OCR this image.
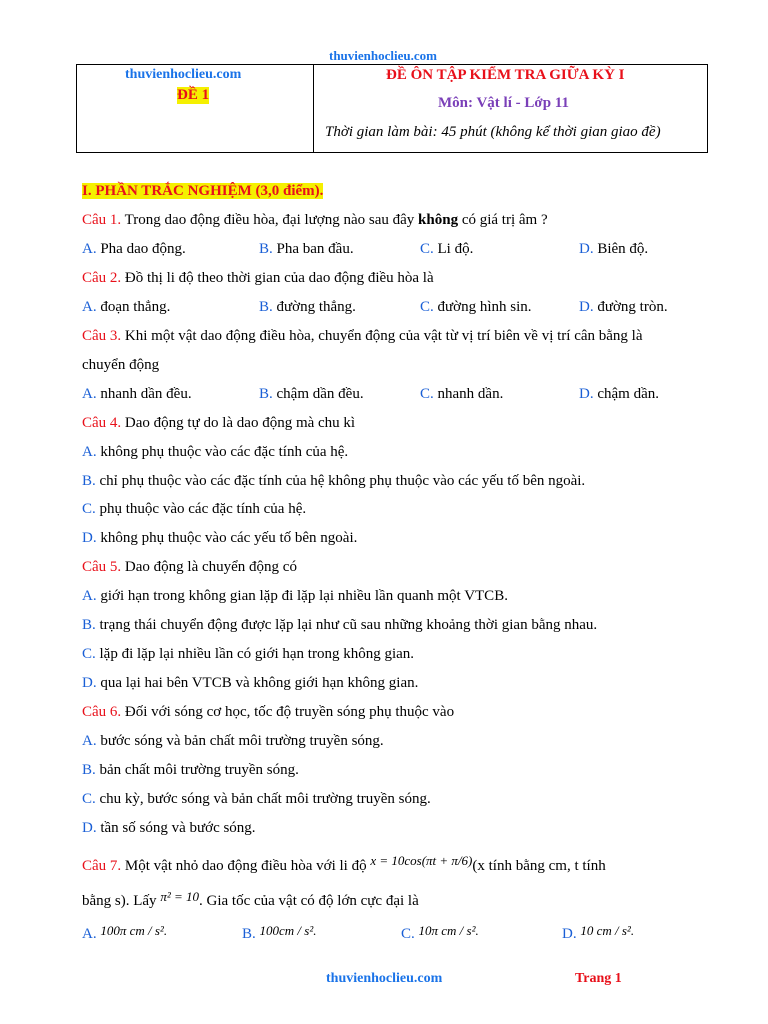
thuvienhoclieu.com
thuvienhoclieu.com
ĐỀ 1
ĐỀ ÔN TẬP KIỂM TRA GIỮA KỲ I
Môn: Vật lí - Lớp 11
Thời gian làm bài: 45 phút (không kể thời gian giao đề)
I. PHẦN TRẮC NGHIỆM (3,0 điểm).
Câu 1. Trong dao động điều hòa, đại lượng nào sau đây không có giá trị âm ?
A. Pha dao động.	B. Pha ban đầu.	C. Li độ.	D. Biên độ.
Câu 2. Đồ thị li độ theo thời gian của dao động điều hòa là
A. đoạn thẳng.	B. đường thẳng.	C. đường hình sin.	D. đường tròn.
Câu 3. Khi một vật dao động điều hòa, chuyển động của vật từ vị trí biên về vị trí cân bằng là
chuyển động
A. nhanh dần đều.	B. chậm dần đều.	C. nhanh dần.	D. chậm dần.
Câu 4. Dao động tự do là dao động mà chu kì
A. không phụ thuộc vào các đặc tính của hệ.
B. chỉ phụ thuộc vào các đặc tính của hệ không phụ thuộc vào các yếu tố bên ngoài.
C. phụ thuộc vào các đặc tính của hệ.
D. không phụ thuộc vào các yếu tố bên ngoài.
Câu 5. Dao động là chuyển động có
A. giới hạn trong không gian lặp đi lặp lại nhiều lần quanh một VTCB.
B. trạng thái chuyển động được lặp lại như cũ sau những khoảng thời gian bằng nhau.
C. lặp đi lặp lại nhiều lần có giới hạn trong không gian.
D. qua lại hai bên VTCB và không giới hạn không gian.
Câu 6. Đối với sóng cơ học, tốc độ truyền sóng phụ thuộc vào
A. bước sóng và bản chất môi trường truyền sóng.
B. bản chất môi trường truyền sóng.
C. chu kỳ, bước sóng và bản chất môi trường truyền sóng.
D. tần số sóng và bước sóng.
Câu 7. Một vật nhỏ dao động điều hòa với li độ x = 10cos(πt + π/6)(x tính bằng cm, t tính
bằng s). Lấy π² = 10. Gia tốc của vật có độ lớn cực đại là
A. 100π cm / s².	B. 100cm / s².	C. 10π cm / s².	D. 10 cm / s².
thuvienhoclieu.com	Trang 1
